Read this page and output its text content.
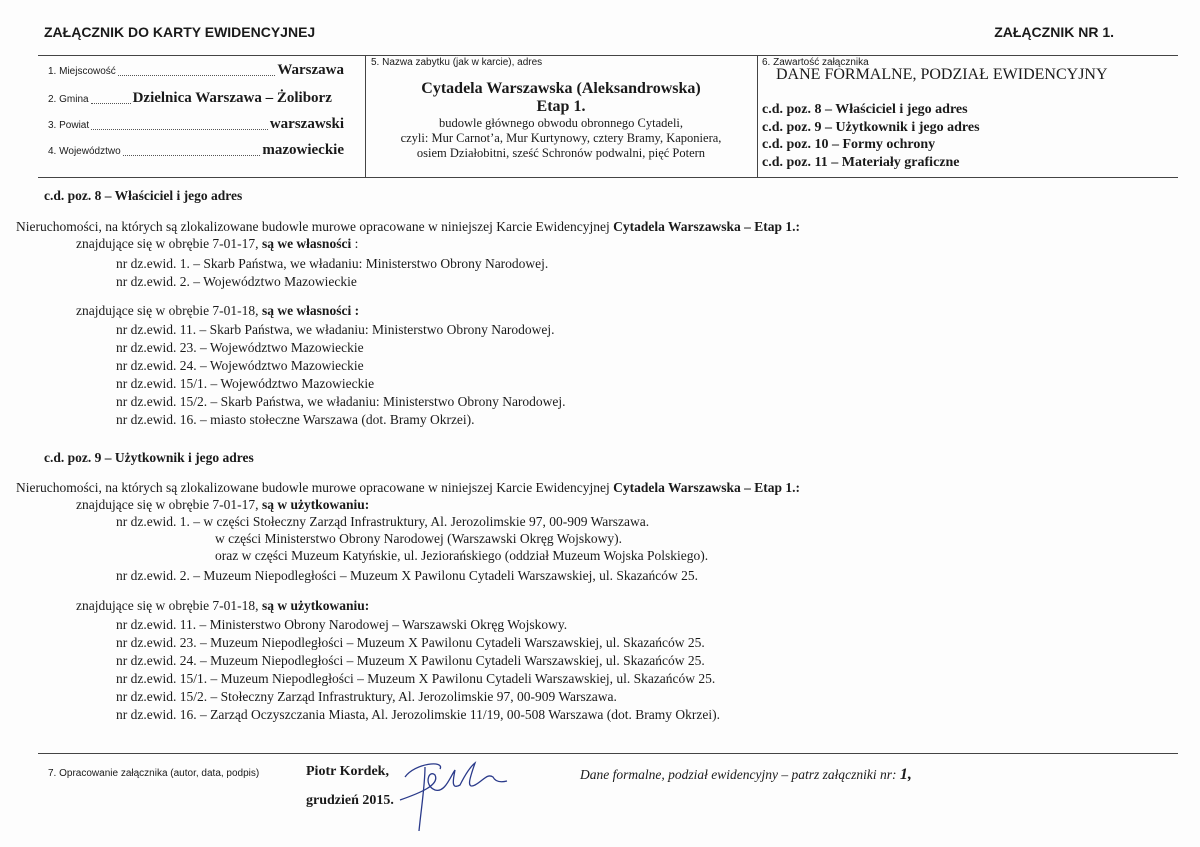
ZAŁĄCZNIK DO KARTY EWIDENCYJNEJ	ZAŁĄCZNIK NR 1.
1. Miejscowość	Warszawa
2. Gmina	Dzielnica Warszawa – Żoliborz
3. Powiat	warszawski
4. Województwo	mazowieckie
5. Nazwa zabytku (jak w karcie), adres
Cytadela Warszawska (Aleksandrowska)
Etap 1.
budowle głównego obwodu obronnego Cytadeli,
czyli: Mur Carnot’a, Mur Kurtynowy, cztery Bramy, Kaponiera,
osiem Działobitni, sześć Schronów podwalni, pięć Potern
6. Zawartość załącznika
DANE FORMALNE, PODZIAŁ EWIDENCYJNY
c.d. poz. 8 – Właściciel i jego adres
c.d. poz. 9 – Użytkownik i jego adres
c.d. poz. 10 – Formy ochrony
c.d. poz. 11 – Materiały graficzne
c.d. poz. 8 – Właściciel i jego adres
Nieruchomości, na których są zlokalizowane budowle murowe opracowane w niniejszej Karcie Ewidencyjnej Cytadela Warszawska – Etap 1.:
znajdujące się w obrębie 7-01-17, są we własności :
nr dz.ewid. 1. – Skarb Państwa, we władaniu: Ministerstwo Obrony Narodowej.
nr dz.ewid. 2. – Województwo Mazowieckie
znajdujące się w obrębie 7-01-18, są we własności :
nr dz.ewid. 11. – Skarb Państwa, we władaniu: Ministerstwo Obrony Narodowej.
nr dz.ewid. 23. – Województwo Mazowieckie
nr dz.ewid. 24. – Województwo Mazowieckie
nr dz.ewid. 15/1. – Województwo Mazowieckie
nr dz.ewid. 15/2. – Skarb Państwa, we władaniu: Ministerstwo Obrony Narodowej.
nr dz.ewid. 16. – miasto stołeczne Warszawa (dot. Bramy Okrzei).
c.d. poz. 9 – Użytkownik i jego adres
Nieruchomości, na których są zlokalizowane budowle murowe opracowane w niniejszej Karcie Ewidencyjnej Cytadela Warszawska – Etap 1.:
znajdujące się w obrębie 7-01-17, są w użytkowaniu:
nr dz.ewid. 1. – w części Stołeczny Zarząd Infrastruktury, Al. Jerozolimskie 97, 00-909 Warszawa.
w części Ministerstwo Obrony Narodowej (Warszawski Okręg Wojskowy).
oraz w części Muzeum Katyńskie, ul. Jeziorańskiego (oddział Muzeum Wojska Polskiego).
nr dz.ewid. 2. – Muzeum Niepodległości – Muzeum X Pawilonu Cytadeli Warszawskiej, ul. Skazańców 25.
znajdujące się w obrębie 7-01-18, są w użytkowaniu:
nr dz.ewid. 11. – Ministerstwo Obrony Narodowej – Warszawski Okręg Wojskowy.
nr dz.ewid. 23. – Muzeum Niepodległości – Muzeum X Pawilonu Cytadeli Warszawskiej, ul. Skazańców 25.
nr dz.ewid. 24. – Muzeum Niepodległości – Muzeum X Pawilonu Cytadeli Warszawskiej, ul. Skazańców 25.
nr dz.ewid. 15/1. – Muzeum Niepodległości – Muzeum X Pawilonu Cytadeli Warszawskiej, ul. Skazańców 25.
nr dz.ewid. 15/2. – Stołeczny Zarząd Infrastruktury, Al. Jerozolimskie 97, 00-909 Warszawa.
nr dz.ewid. 16. – Zarząd Oczyszczania Miasta, Al. Jerozolimskie 11/19, 00-508 Warszawa (dot. Bramy Okrzei).
7. Opracowanie załącznika (autor, data, podpis)	Piotr Kordek,
grudzień 2015.
Dane formalne, podział ewidencyjny – patrz załączniki nr: 1,
